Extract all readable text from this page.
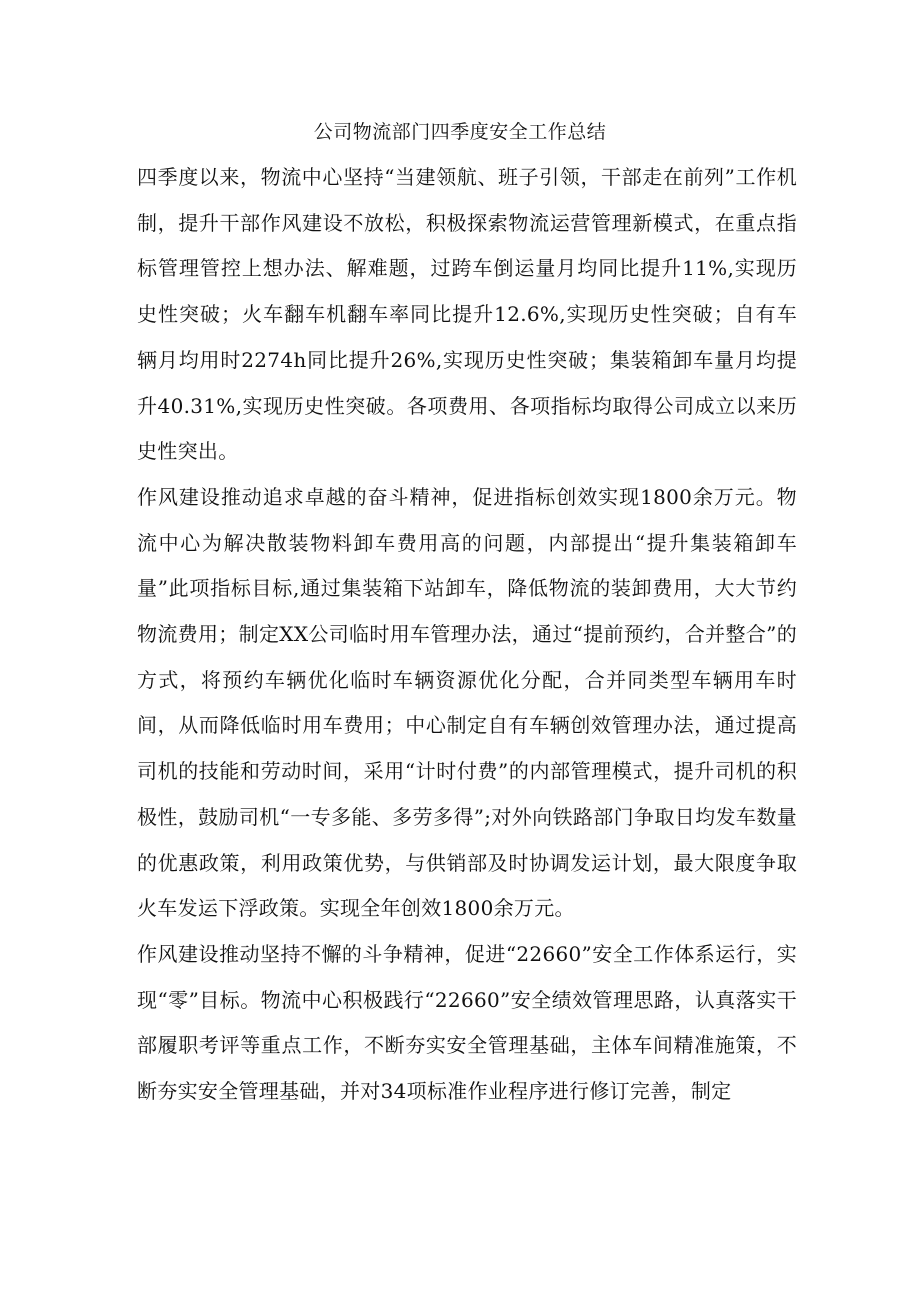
公司物流部门四季度安全工作总结

四季度以来，物流中心坚持“当建领航、班子引领，干部走在前列”工作机制，提升干部作风建设不放松，积极探索物流运营管理新模式，在重点指标管理管控上想办法、解难题，过跨车倒运量月均同比提升11%,实现历史性突破；火车翻车机翻车率同比提升12.6%,实现历史性突破；自有车辆月均用时2274h同比提升26%,实现历史性突破；集装箱卸车量月均提升40.31%,实现历史性突破。各项费用、各项指标均取得公司成立以来历史性突出。

作风建设推动追求卓越的奋斗精神，促进指标创效实现1800余万元。物流中心为解决散装物料卸车费用高的问题，内部提出“提升集装箱卸车量”此项指标目标,通过集装箱下站卸车，降低物流的装卸费用，大大节约物流费用；制定XX公司临时用车管理办法，通过“提前预约，合并整合”的方式，将预约车辆优化临时车辆资源优化分配，合并同类型车辆用车时间，从而降低临时用车费用；中心制定自有车辆创效管理办法，通过提高司机的技能和劳动时间，采用“计时付费”的内部管理模式，提升司机的积极性，鼓励司机“一专多能、多劳多得”;对外向铁路部门争取日均发车数量的优惠政策，利用政策优势，与供销部及时协调发运计划，最大限度争取火车发运下浮政策。实现全年创效1800余万元。

作风建设推动坚持不懈的斗争精神，促进“22660”安全工作体系运行，实现“零”目标。物流中心积极践行“22660”安全绩效管理思路，认真落实干部履职考评等重点工作，不断夯实安全管理基础，主体车间精准施策，不断夯实安全管理基础，并对34项标准作业程序进行修订完善，制定
